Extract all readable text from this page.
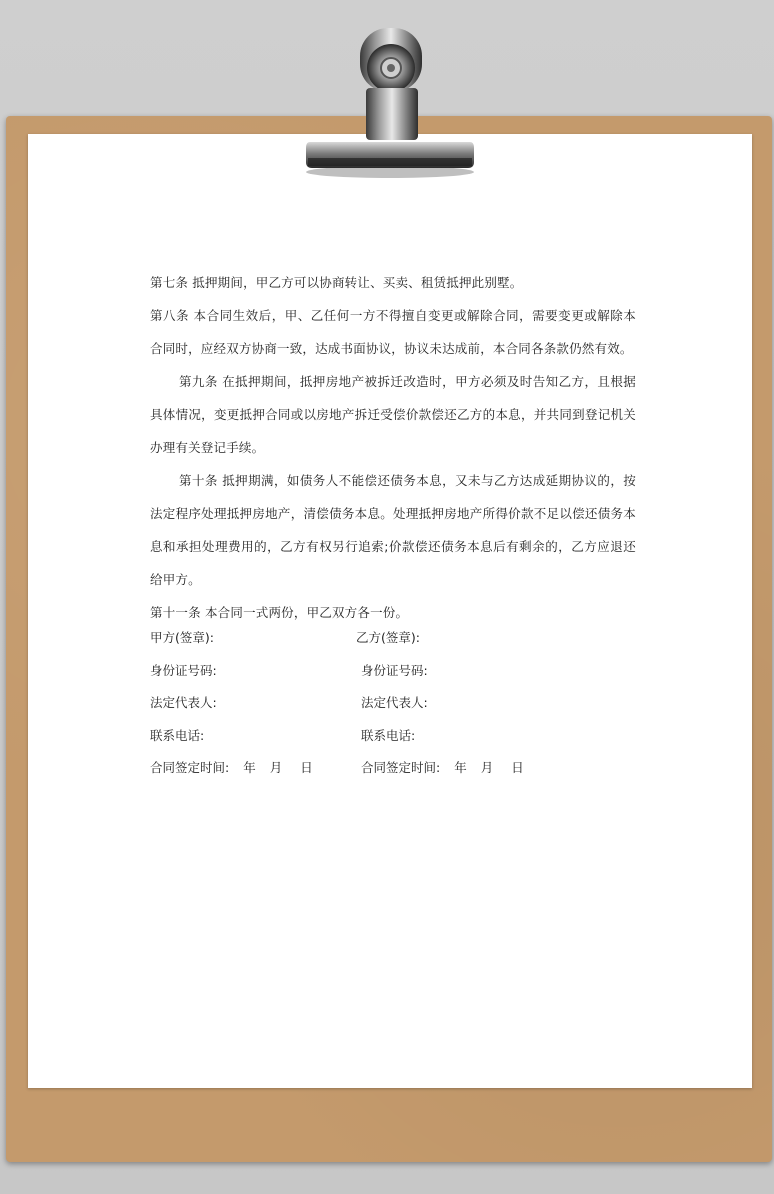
第七条 抵押期间，甲乙方可以协商转让、买卖、租赁抵押此别墅。

第八条 本合同生效后，甲、乙任何一方不得擅自变更或解除合同，需要变更或解除本合同时，应经双方协商一致，达成书面协议，协议未达成前，本合同各条款仍然有效。

第九条 在抵押期间，抵押房地产被拆迁改造时，甲方必须及时告知乙方，且根据具体情况，变更抵押合同或以房地产拆迁受偿价款偿还乙方的本息，并共同到登记机关办理有关登记手续。

第十条 抵押期满，如债务人不能偿还债务本息，又未与乙方达成延期协议的，按法定程序处理抵押房地产，清偿债务本息。处理抵押房地产所得价款不足以偿还债务本息和承担处理费用的，乙方有权另行追索;价款偿还债务本息后有剩余的，乙方应退还给甲方。

第十一条 本合同一式两份，甲乙双方各一份。

甲方(签章):	乙方(签章):
身份证号码:	身份证号码:
法定代表人:	法定代表人:
联系电话:	联系电话:
合同签定时间: 年 月 日	合同签定时间: 年 月 日
